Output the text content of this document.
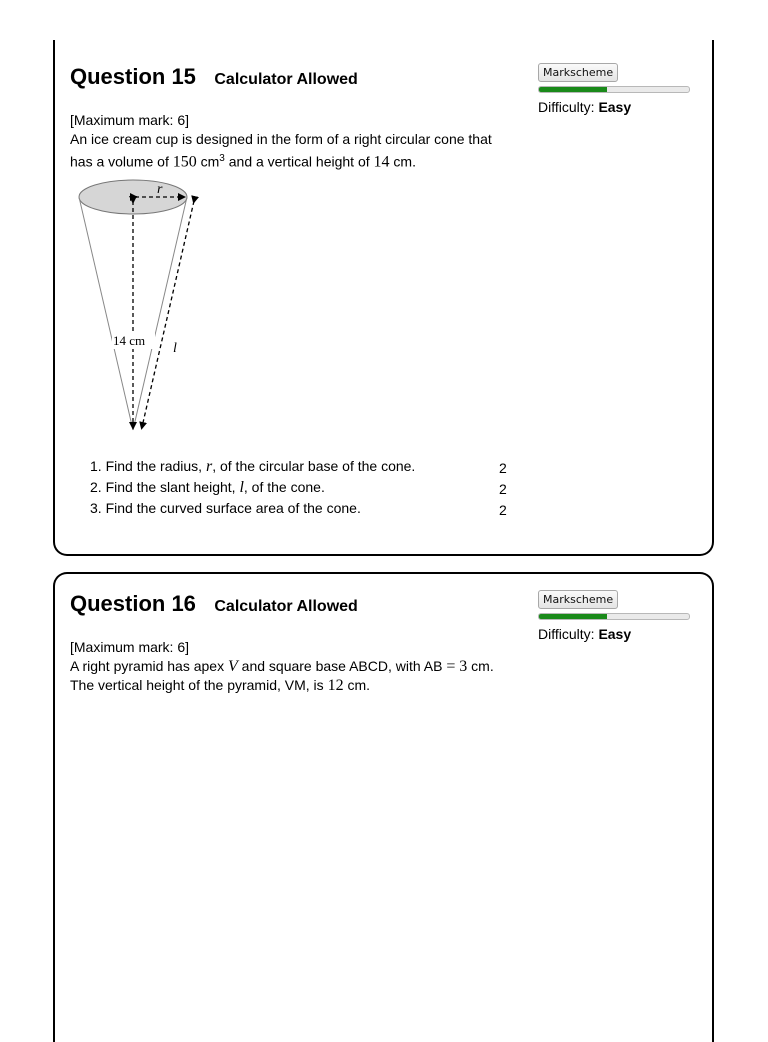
Question 15 Calculator Allowed	Markscheme
Difficulty: Easy
[Maximum mark: 6]
An ice cream cup is designed in the form of a right circular cone that has a volume of 150 $cm^3$ and a vertical height of 14 cm.
r
14 cm
l
1. Find the radius, r, of the circular base of the cone.	2
2. Find the slant height, l, of the cone.	2
3. Find the curved surface area of the cone.	2
Question 16 Calculator Allowed	Markscheme
Difficulty: Easy
[Maximum mark: 6]
A right pyramid has apex V and square base ABCD, with AB = 3 cm. The vertical height of the pyramid, VM, is 12 cm.
